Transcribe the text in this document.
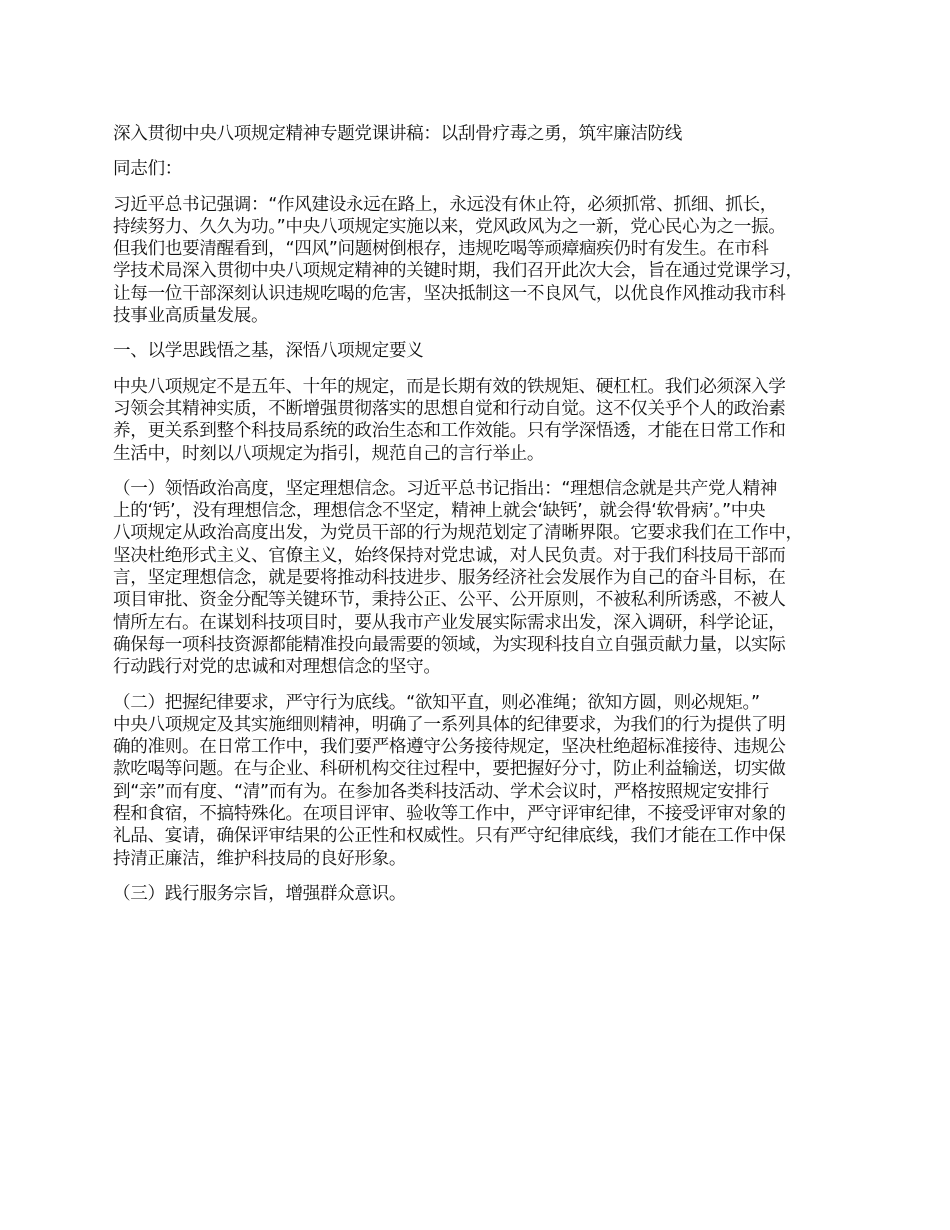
深入贯彻中央八项规定精神专题党课讲稿：以刮骨疗毒之勇，筑牢廉洁防线
同志们：
习近平总书记强调：“作风建设永远在路上，永远没有休止符，必须抓常、抓细、抓长，
持续努力、久久为功。”中央八项规定实施以来，党风政风为之一新，党心民心为之一振。
但我们也要清醒看到，“四风”问题树倒根存，违规吃喝等顽瘴痼疾仍时有发生。在市科
学技术局深入贯彻中央八项规定精神的关键时期，我们召开此次大会，旨在通过党课学习，
让每一位干部深刻认识违规吃喝的危害，坚决抵制这一不良风气，以优良作风推动我市科
技事业高质量发展。
一、以学思践悟之基，深悟八项规定要义
中央八项规定不是五年、十年的规定，而是长期有效的铁规矩、硬杠杠。我们必须深入学
习领会其精神实质，不断增强贯彻落实的思想自觉和行动自觉。这不仅关乎个人的政治素
养，更关系到整个科技局系统的政治生态和工作效能。只有学深悟透，才能在日常工作和
生活中，时刻以八项规定为指引，规范自己的言行举止。
（一）领悟政治高度，坚定理想信念。习近平总书记指出：“理想信念就是共产党人精神
上的‘钙’，没有理想信念，理想信念不坚定，精神上就会‘缺钙’，就会得‘软骨病’。”中央
八项规定从政治高度出发，为党员干部的行为规范划定了清晰界限。它要求我们在工作中，
坚决杜绝形式主义、官僚主义，始终保持对党忠诚，对人民负责。对于我们科技局干部而
言，坚定理想信念，就是要将推动科技进步、服务经济社会发展作为自己的奋斗目标，在
项目审批、资金分配等关键环节，秉持公正、公平、公开原则，不被私利所诱惑，不被人
情所左右。在谋划科技项目时，要从我市产业发展实际需求出发，深入调研，科学论证，
确保每一项科技资源都能精准投向最需要的领域，为实现科技自立自强贡献力量，以实际
行动践行对党的忠诚和对理想信念的坚守。
（二）把握纪律要求，严守行为底线。“欲知平直，则必准绳；欲知方圆，则必规矩。”
中央八项规定及其实施细则精神，明确了一系列具体的纪律要求，为我们的行为提供了明
确的准则。在日常工作中，我们要严格遵守公务接待规定，坚决杜绝超标准接待、违规公
款吃喝等问题。在与企业、科研机构交往过程中，要把握好分寸，防止利益输送，切实做
到“亲”而有度、“清”而有为。在参加各类科技活动、学术会议时，严格按照规定安排行
程和食宿，不搞特殊化。在项目评审、验收等工作中，严守评审纪律，不接受评审对象的
礼品、宴请，确保评审结果的公正性和权威性。只有严守纪律底线，我们才能在工作中保
持清正廉洁，维护科技局的良好形象。
（三）践行服务宗旨，增强群众意识。
